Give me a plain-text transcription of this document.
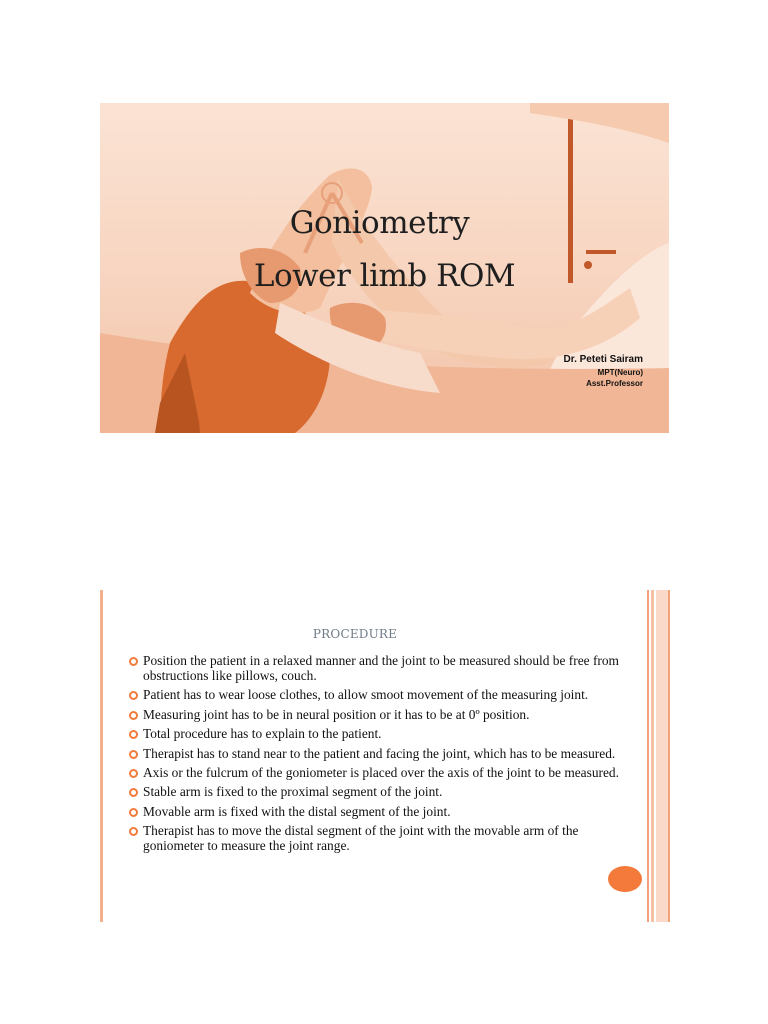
Goniometry
Lower limb ROM
Dr. Peteti Sairam
MPT(Neuro)
Asst.Professor
PROCEDURE
Position the patient in a relaxed manner and the joint to be measured should be free from obstructions like pillows, couch.
Patient has to wear loose clothes, to allow smoot movement of the measuring joint.
Measuring joint has to be in neural position or it has to be at 0º position.
Total procedure has to explain to the patient.
Therapist has to stand near to the patient and facing the joint, which has to be measured.
Axis or the fulcrum of the goniometer is placed over the axis of the joint to be measured.
Stable arm is fixed to the proximal segment of the joint.
Movable arm is fixed with the distal segment of the joint.
Therapist has to move the distal segment of the joint with the movable arm of the goniometer to measure the joint range.
